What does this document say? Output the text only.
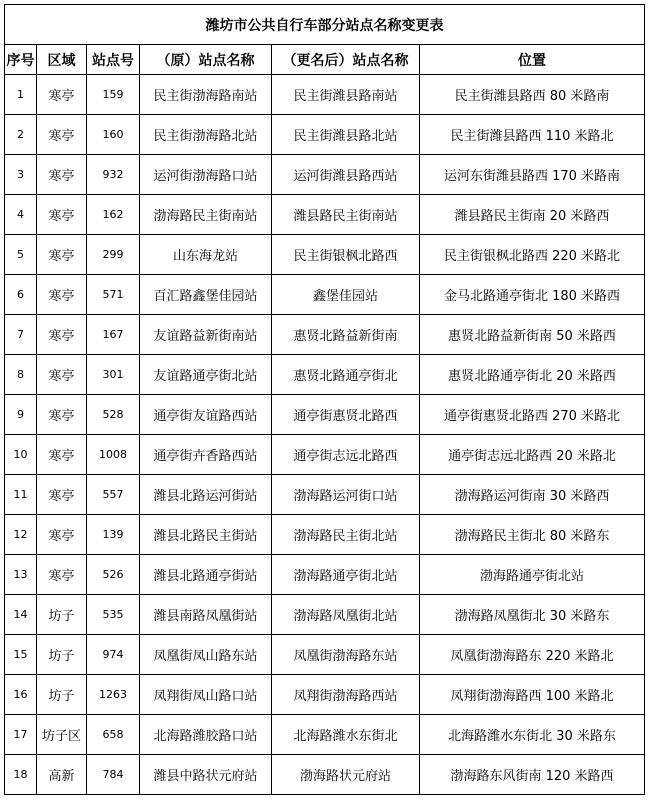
潍坊市公共自行车部分站点名称变更表					
序号	区域	站点号	（原）站点名称	（更名后）站点名称	位置
1	寒亭	159	民主街渤海路南站	民主街潍县路南站	民主街潍县路西 80 米路南
2	寒亭	160	民主街渤海路北站	民主街潍县路北站	民主街潍县路西 110 米路北
3	寒亭	932	运河街渤海路口站	运河街潍县路西站	运河东街潍县路西 170 米路南
4	寒亭	162	渤海路民主街南站	潍县路民主街南站	潍县路民主街南 20 米路西
5	寒亭	299	山东海龙站	民主街银枫北路西	民主街银枫北路西 220 米路北
6	寒亭	571	百汇路鑫堡佳园站	鑫堡佳园站	金马北路通亭街北 180 米路西
7	寒亭	167	友谊路益新街南站	惠贤北路益新街南	惠贤北路益新街南 50 米路西
8	寒亭	301	友谊路通亭街北站	惠贤北路通亭街北	惠贤北路通亭街北 20 米路西
9	寒亭	528	通亭街友谊路西站	通亭街惠贤北路西	通亭街惠贤北路西 270 米路北
10	寒亭	1008	通亭街卉香路西站	通亭街志远北路西	通亭街志远北路西 20 米路北
11	寒亭	557	潍县北路运河街站	渤海路运河街口站	渤海路运河街南 30 米路西
12	寒亭	139	潍县北路民主街站	渤海路民主街北站	渤海路民主街北 80 米路东
13	寒亭	526	潍县北路通亭街站	渤海路通亭街北站	渤海路通亭街北站
14	坊子	535	潍县南路凤凰街站	渤海路凤凰街北站	渤海路凤凰街北 30 米路东
15	坊子	974	凤凰街凤山路东站	凤凰街渤海路东站	凤凰街渤海路东 220 米路北
16	坊子	1263	凤翔街凤山路口站	凤翔街渤海路西站	凤翔街渤海路西 100 米路北
17	坊子区	658	北海路潍胶路口站	北海路潍水东街北	北海路潍水东街北 30 米路东
18	高新	784	潍县中路状元府站	渤海路状元府站	渤海路东风街南 120 米路西
